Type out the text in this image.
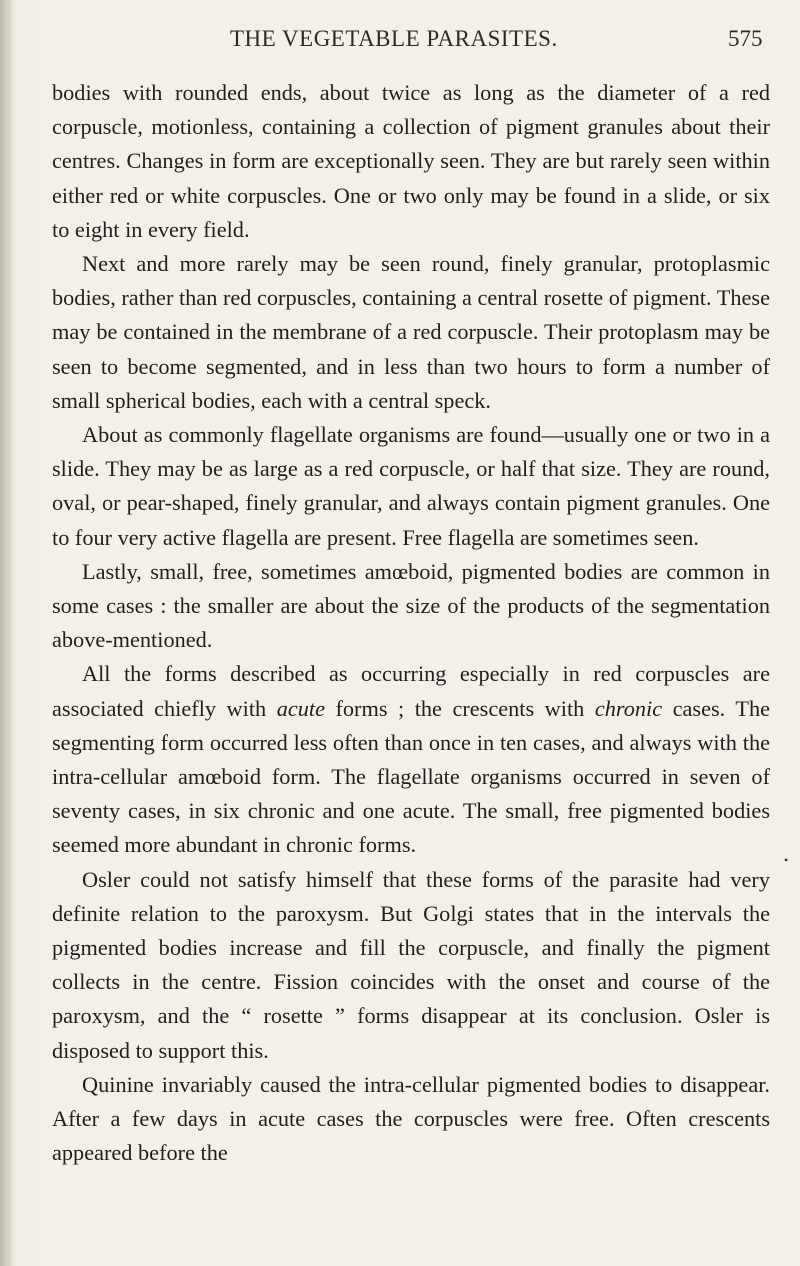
THE VEGETABLE PARASITES.	575

bodies with rounded ends, about twice as long as the diameter of a red corpuscle, motionless, containing a collection of pigment granules about their centres. Changes in form are exceptionally seen. They are but rarely seen within either red or white corpuscles. One or two only may be found in a slide, or six to eight in every field.

Next and more rarely may be seen round, finely granular, protoplasmic bodies, rather than red corpuscles, containing a central rosette of pigment. These may be contained in the membrane of a red corpuscle. Their protoplasm may be seen to become segmented, and in less than two hours to form a number of small spherical bodies, each with a central speck.

About as commonly flagellate organisms are found—usually one or two in a slide. They may be as large as a red corpuscle, or half that size. They are round, oval, or pear-shaped, finely granular, and always contain pigment granules. One to four very active flagella are present. Free flagella are sometimes seen.

Lastly, small, free, sometimes amœboid, pigmented bodies are common in some cases : the smaller are about the size of the products of the segmentation above-mentioned.

All the forms described as occurring especially in red corpuscles are associated chiefly with acute forms ; the crescents with chronic cases. The segmenting form occurred less often than once in ten cases, and always with the intra-cellular amœboid form. The flagellate organisms occurred in seven of seventy cases, in six chronic and one acute. The small, free pigmented bodies seemed more abundant in chronic forms.

Osler could not satisfy himself that these forms of the parasite had very definite relation to the paroxysm. But Golgi states that in the intervals the pigmented bodies increase and fill the corpuscle, and finally the pigment collects in the centre. Fission coincides with the onset and course of the paroxysm, and the “ rosette ” forms disappear at its conclusion. Osler is disposed to support this.

Quinine invariably caused the intra-cellular pigmented bodies to disappear. After a few days in acute cases the corpuscles were free. Often crescents appeared before the

•
